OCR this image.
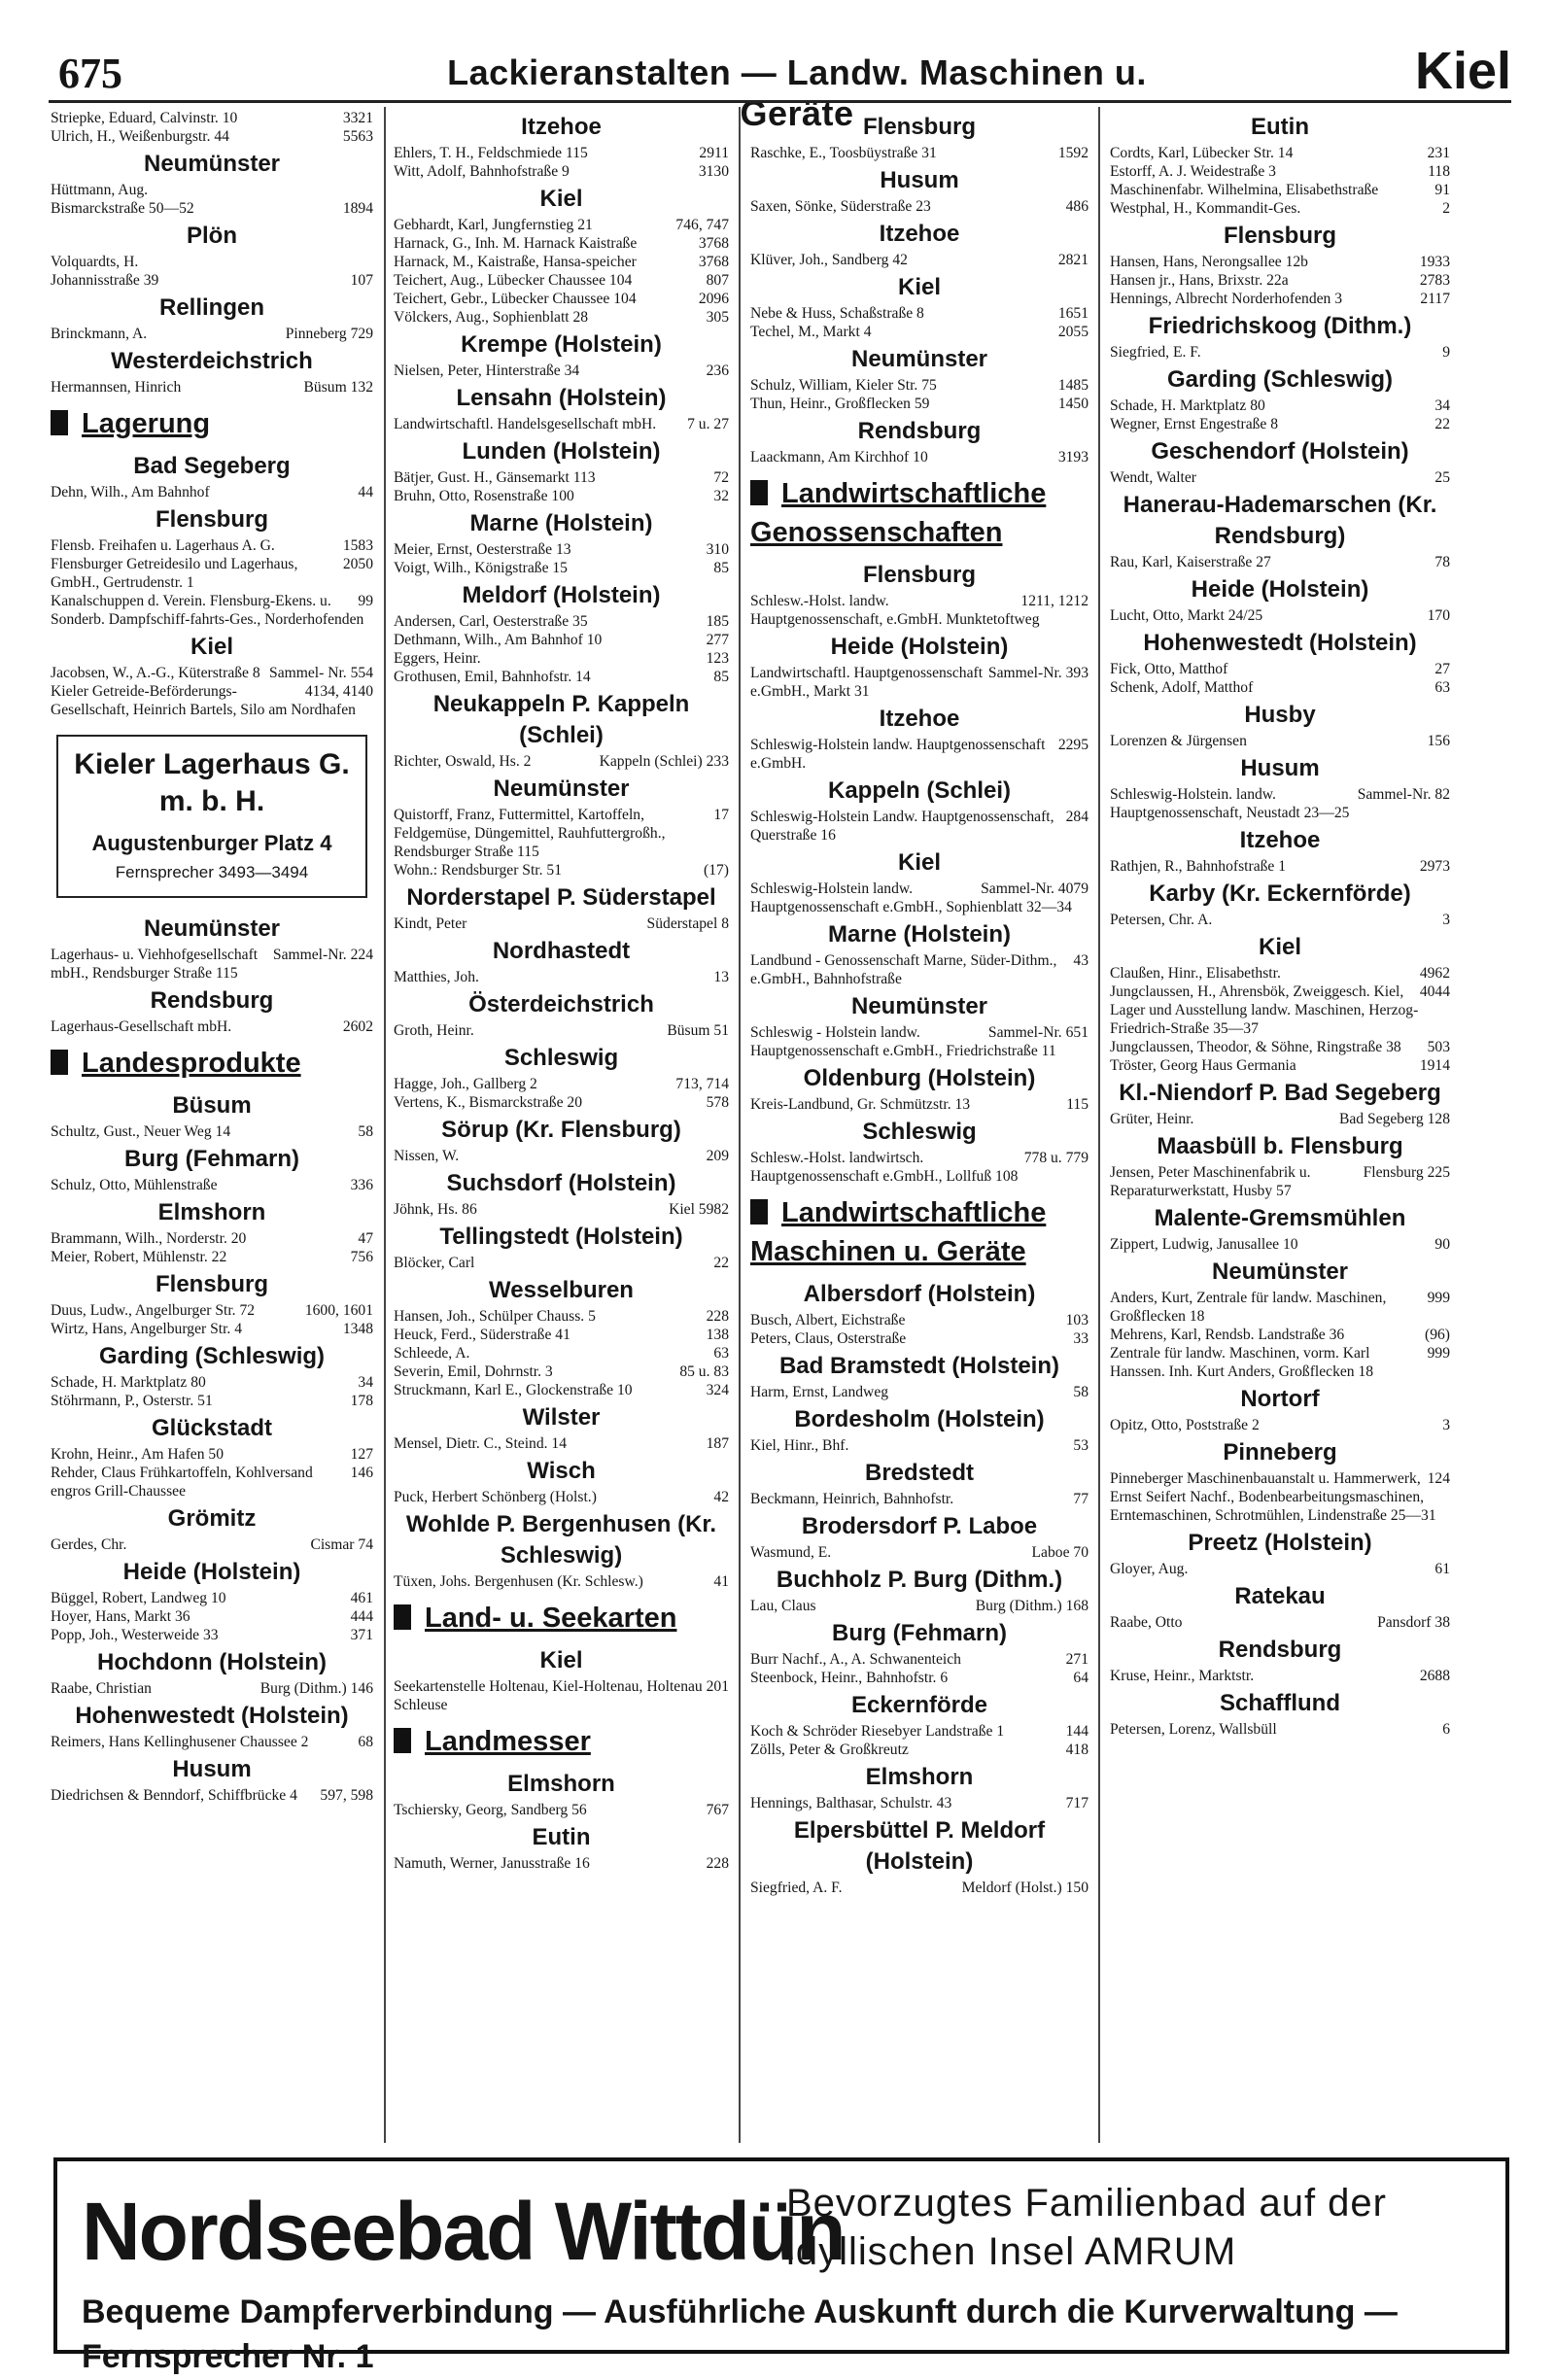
675	Lackieranstalten — Landw. Maschinen u. Geräte
Kiel
3321
Striepke, Eduard, Calvinstr. 10
5563
Ulrich, H., Weißenburgstr. 44
Neumünster
Hüttmann, Aug.
1894
Bismarckstraße 50—52
Plön
Volquardts, H.
107
Johannisstraße 39
Rellingen
Pinneberg 729
Brinckmann, A.
Westerdeichstrich
Büsum 132
Hermannsen, Hinrich
Lagerung
Bad Segeberg
44
Dehn, Wilh., Am Bahnhof
Flensburg
1583
Flensb. Freihafen u. Lagerhaus A. G.
2050
Flensburger Getreidesilo und Lagerhaus, GmbH., Gertrudenstr. 1
99
Kanalschuppen d. Verein. Flensburg-Ekens. u. Sonderb. Dampfschiff-fahrts-Ges., Norderhofenden
Kiel
Sammel- Nr. 554
Jacobsen, W., A.-G., Küterstraße 8
4134, 4140
Kieler Getreide-Beförderungs-Gesellschaft, Heinrich Bartels, Silo am Nordhafen
Kieler Lagerhaus G. m. b. H.
Augustenburger Platz 4
Fernsprecher 3493—3494
Neumünster
Sammel-Nr. 224
Lagerhaus- u. Viehhofgesellschaft mbH., Rendsburger Straße 115
Rendsburg
2602
Lagerhaus-Gesellschaft mbH.
Landesprodukte
Büsum
58
Schultz, Gust., Neuer Weg 14
Burg (Fehmarn)
336
Schulz, Otto, Mühlenstraße
Elmshorn
47
Brammann, Wilh., Norderstr. 20
756
Meier, Robert, Mühlenstr. 22
Flensburg
1600, 1601
Duus, Ludw., Angelburger Str. 72
1348
Wirtz, Hans, Angelburger Str. 4
Garding (Schleswig)
34
Schade, H. Marktplatz 80
178
Stöhrmann, P., Osterstr. 51
Glückstadt
127
Krohn, Heinr., Am Hafen 50
146
Rehder, Claus Frühkartoffeln, Kohlversand engros Grill-Chaussee
Grömitz
Cismar 74
Gerdes, Chr.
Heide (Holstein)
461
Büggel, Robert, Landweg 10
444
Hoyer, Hans, Markt 36
371
Popp, Joh., Westerweide 33
Hochdonn (Holstein)
Burg (Dithm.) 146
Raabe, Christian
Hohenwestedt (Holstein)
68
Reimers, Hans Kellinghusener Chaussee 2
Husum
597, 598
Diedrichsen & Benndorf, Schiffbrücke 4
Itzehoe
2911
Ehlers, T. H., Feldschmiede 115
3130
Witt, Adolf, Bahnhofstraße 9
Kiel
746, 747
Gebhardt, Karl, Jungfernstieg 21
3768
Harnack, G., Inh. M. Harnack Kaistraße
3768
Harnack, M., Kaistraße, Hansa-speicher
807
Teichert, Aug., Lübecker Chaussee 104
2096
Teichert, Gebr., Lübecker Chaussee 104
305
Völckers, Aug., Sophienblatt 28
Krempe (Holstein)
236
Nielsen, Peter, Hinterstraße 34
Lensahn (Holstein)
7 u. 27
Landwirtschaftl. Handelsgesellschaft mbH.
Lunden (Holstein)
72
Bätjer, Gust. H., Gänsemarkt 113
32
Bruhn, Otto, Rosenstraße 100
Marne (Holstein)
310
Meier, Ernst, Oesterstraße 13
85
Voigt, Wilh., Königstraße 15
Meldorf (Holstein)
185
Andersen, Carl, Oesterstraße 35
277
Dethmann, Wilh., Am Bahnhof 10
123
Eggers, Heinr.
85
Grothusen, Emil, Bahnhofstr. 14
Neukappeln P. Kappeln (Schlei)
Kappeln (Schlei) 233
Richter, Oswald, Hs. 2
Neumünster
17
Quistorff, Franz, Futtermittel, Kartoffeln, Feldgemüse, Düngemittel, Rauhfuttergroßh., Rendsburger Straße 115
(17)
Wohn.: Rendsburger Str. 51
Norderstapel P. Süderstapel
Süderstapel 8
Kindt, Peter
Nordhastedt
13
Matthies, Joh.
Österdeichstrich
Büsum 51
Groth, Heinr.
Schleswig
713, 714
Hagge, Joh., Gallberg 2
578
Vertens, K., Bismarckstraße 20
Sörup (Kr. Flensburg)
209
Nissen, W.
Suchsdorf (Holstein)
Kiel 5982
Jöhnk, Hs. 86
Tellingstedt (Holstein)
22
Blöcker, Carl
Wesselburen
228
Hansen, Joh., Schülper Chauss. 5
138
Heuck, Ferd., Süderstraße 41
63
Schleede, A.
85 u. 83
Severin, Emil, Dohrnstr. 3
324
Struckmann, Karl E., Glockenstraße 10
Wilster
187
Mensel, Dietr. C., Steind. 14
Wisch
42
Puck, Herbert Schönberg (Holst.)
Wohlde P. Bergenhusen (Kr. Schleswig)
41
Tüxen, Johs. Bergenhusen (Kr. Schlesw.)
Land- u. Seekarten
Kiel
Holtenau 201
Seekartenstelle Holtenau, Kiel-Holtenau, Schleuse
Landmesser
Elmshorn
767
Tschiersky, Georg, Sandberg 56
Eutin
228
Namuth, Werner, Janusstraße 16
Flensburg
1592
Raschke, E., Toosbüystraße 31
Husum
486
Saxen, Sönke, Süderstraße 23
Itzehoe
2821
Klüver, Joh., Sandberg 42
Kiel
1651
Nebe & Huss, Schaßstraße 8
2055
Techel, M., Markt 4
Neumünster
1485
Schulz, William, Kieler Str. 75
1450
Thun, Heinr., Großflecken 59
Rendsburg
3193
Laackmann, Am Kirchhof 10
Landwirtschaftliche Genossenschaften
Flensburg
1211, 1212
Schlesw.-Holst. landw. Hauptgenossenschaft, e.GmbH. Munktetoftweg
Heide (Holstein)
Sammel-Nr. 393
Landwirtschaftl. Hauptgenossenschaft e.GmbH., Markt 31
Itzehoe
2295
Schleswig-Holstein landw. Hauptgenossenschaft e.GmbH.
Kappeln (Schlei)
284
Schleswig-Holstein Landw. Hauptgenossenschaft, Querstraße 16
Kiel
Sammel-Nr. 4079
Schleswig-Holstein landw. Hauptgenossenschaft e.GmbH., Sophienblatt 32—34
Marne (Holstein)
43
Landbund - Genossenschaft Marne, Süder-Dithm., e.GmbH., Bahnhofstraße
Neumünster
Sammel-Nr. 651
Schleswig - Holstein landw. Hauptgenossenschaft e.GmbH., Friedrichstraße 11
Oldenburg (Holstein)
115
Kreis-Landbund, Gr. Schmützstr. 13
Schleswig
778 u. 779
Schlesw.-Holst. landwirtsch. Hauptgenossenschaft e.GmbH., Lollfuß 108
Landwirtschaftliche Maschinen u. Geräte
Albersdorf (Holstein)
103
Busch, Albert, Eichstraße
33
Peters, Claus, Osterstraße
Bad Bramstedt (Holstein)
58
Harm, Ernst, Landweg
Bordesholm (Holstein)
53
Kiel, Hinr., Bhf.
Bredstedt
77
Beckmann, Heinrich, Bahnhofstr.
Brodersdorf P. Laboe
Laboe 70
Wasmund, E.
Buchholz P. Burg (Dithm.)
Burg (Dithm.) 168
Lau, Claus
Burg (Fehmarn)
271
Burr Nachf., A., A. Schwanenteich
64
Steenbock, Heinr., Bahnhofstr. 6
Eckernförde
144
Koch & Schröder Riesebyer Landstraße 1
418
Zölls, Peter & Großkreutz
Elmshorn
717
Hennings, Balthasar, Schulstr. 43
Elpersbüttel P. Meldorf (Holstein)
Meldorf (Holst.) 150
Siegfried, A. F.
Eutin
231
Cordts, Karl, Lübecker Str. 14
118
Estorff, A. J. Weidestraße 3
91
Maschinenfabr. Wilhelmina, Elisabethstraße
2
Westphal, H., Kommandit-Ges.
Flensburg
1933
Hansen, Hans, Nerongsallee 12b
2783
Hansen jr., Hans, Brixstr. 22a
2117
Hennings, Albrecht Norderhofenden 3
Friedrichskoog (Dithm.)
9
Siegfried, E. F.
Garding (Schleswig)
34
Schade, H. Marktplatz 80
22
Wegner, Ernst Engestraße 8
Geschendorf (Holstein)
25
Wendt, Walter
Hanerau-Hademarschen (Kr. Rendsburg)
78
Rau, Karl, Kaiserstraße 27
Heide (Holstein)
170
Lucht, Otto, Markt 24/25
Hohenwestedt (Holstein)
27
Fick, Otto, Matthof
63
Schenk, Adolf, Matthof
Husby
156
Lorenzen & Jürgensen
Husum
Sammel-Nr. 82
Schleswig-Holstein. landw. Hauptgenossenschaft, Neustadt 23—25
Itzehoe
2973
Rathjen, R., Bahnhofstraße 1
Karby (Kr. Eckernförde)
3
Petersen, Chr. A.
Kiel
4962
Claußen, Hinr., Elisabethstr.
4044
Jungclaussen, H., Ahrensbök, Zweiggesch. Kiel, Lager und Ausstellung landw. Maschinen, Herzog-Friedrich-Straße 35—37
503
Jungclaussen, Theodor, & Söhne, Ringstraße 38
1914
Tröster, Georg Haus Germania
Kl.-Niendorf P. Bad Segeberg
Bad Segeberg 128
Grüter, Heinr.
Maasbüll b. Flensburg
Flensburg 225
Jensen, Peter Maschinenfabrik u. Reparaturwerkstatt, Husby 57
Malente-Gremsmühlen
90
Zippert, Ludwig, Janusallee 10
Neumünster
999
Anders, Kurt, Zentrale für landw. Maschinen, Großflecken 18
(96)
Mehrens, Karl, Rendsb. Landstraße 36
999
Zentrale für landw. Maschinen, vorm. Karl Hanssen. Inh. Kurt Anders, Großflecken 18
Nortorf
3
Opitz, Otto, Poststraße 2
Pinneberg
124
Pinneberger Maschinenbauanstalt u. Hammerwerk, Ernst Seifert Nachf., Bodenbearbeitungsmaschinen, Erntemaschinen, Schrotmühlen, Lindenstraße 25—31
Preetz (Holstein)
61
Gloyer, Aug.
Ratekau
Pansdorf 38
Raabe, Otto
Rendsburg
2688
Kruse, Heinr., Marktstr.
Schafflund
6
Petersen, Lorenz, Wallsbüll
Nordseebad Wittdün
Bevorzugtes Familienbad auf der
idyllischen Insel AMRUM
Bequeme Dampferverbindung — Ausführliche Auskunft durch die Kurverwaltung — Fernsprecher Nr. 1
